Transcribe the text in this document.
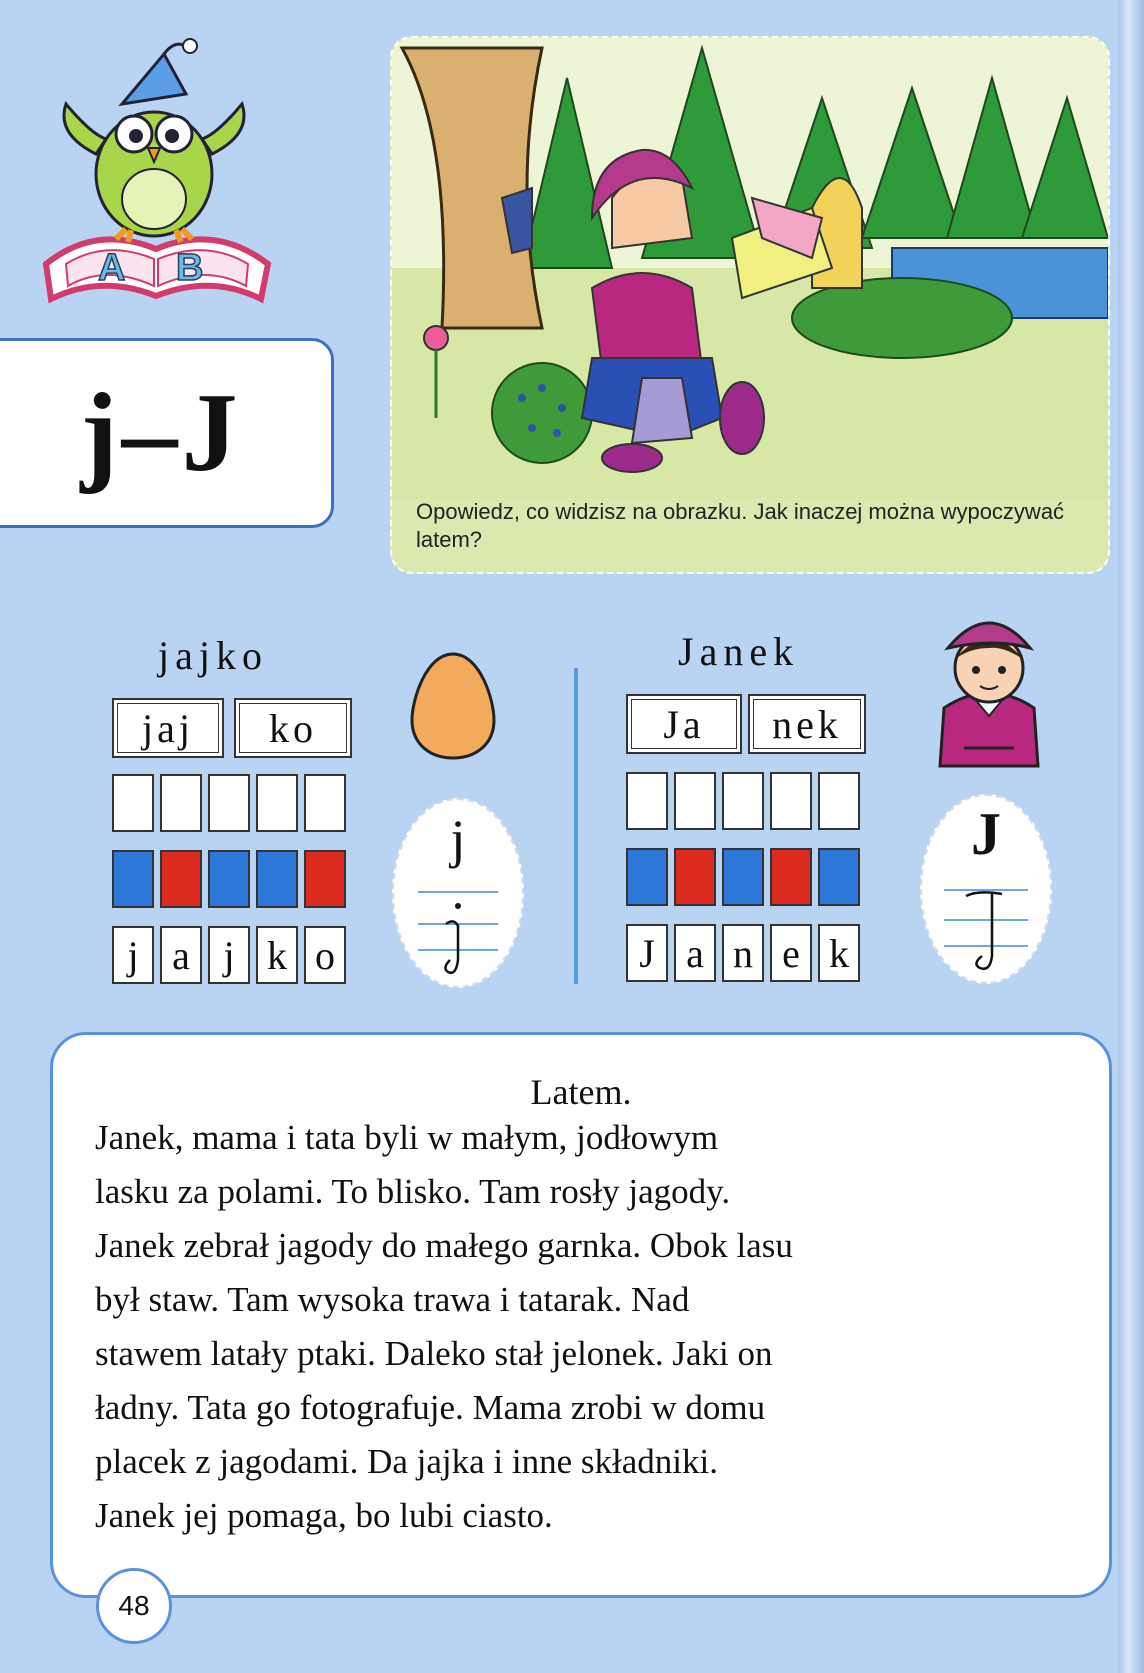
A B
j–J
Opowiedz, co widzisz na obrazku. Jak inaczej można wypoczywać latem?
jajko
jaj	ko
j a j k o
j
Janek
Ja	nek
J a n e k
J
Latem.
Janek, mama i tata byli w małym, jodłowym
lasku za polami. To blisko. Tam rosły jagody.
Janek zebrał jagody do małego garnka. Obok lasu
był staw. Tam wysoka trawa i tatarak. Nad
stawem latały ptaki. Daleko stał jelonek. Jaki on
ładny. Tata go fotografuje. Mama zrobi w domu
placek z jagodami. Da jajka i inne składniki.
Janek jej pomaga, bo lubi ciasto.
48
